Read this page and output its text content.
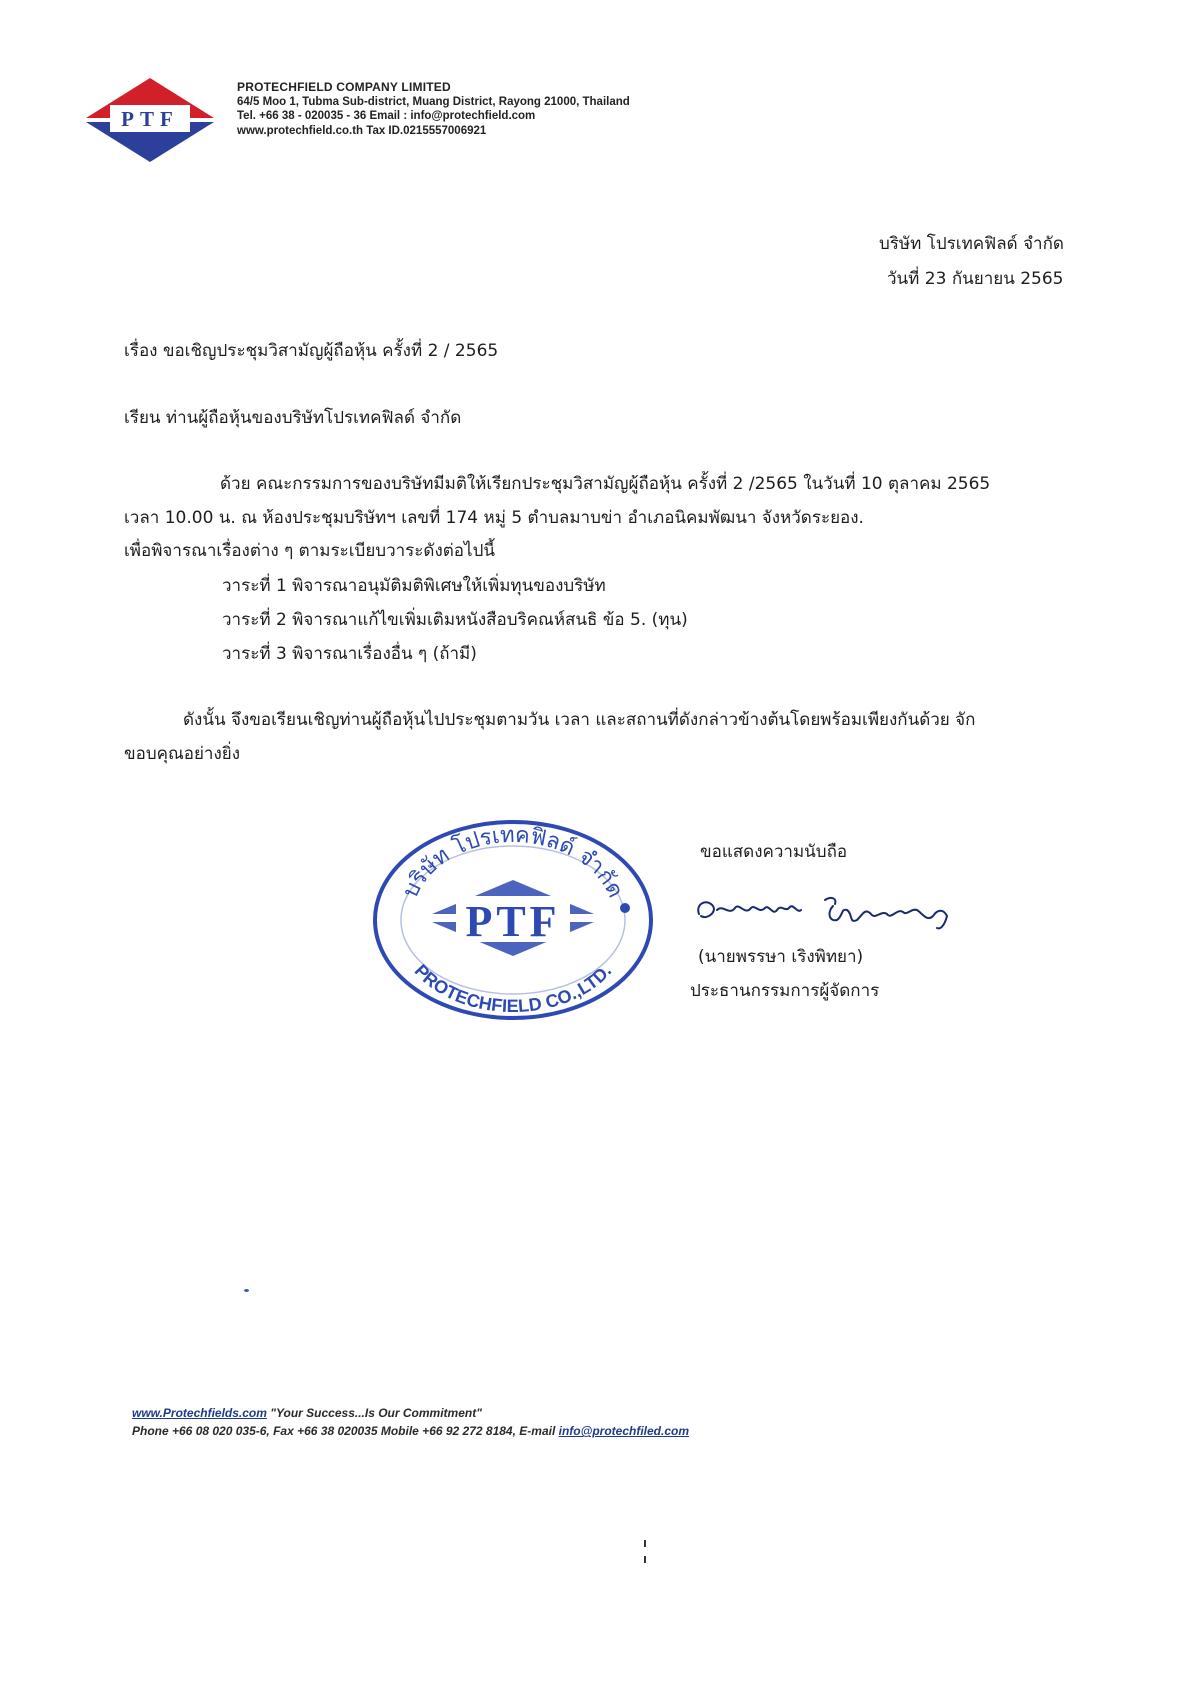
PTF
PROTECHFIELD COMPANY LIMITED
64/5 Moo 1, Tubma Sub-district, Muang District, Rayong 21000, Thailand
Tel. +66 38 - 020035 - 36 Email : info@protechfield.com
www.protechfield.co.th Tax ID.0215557006921
บริษัท โปรเทคฟิลด์ จำกัด
วันที่ 23 กันยายน 2565
เรื่อง ขอเชิญประชุมวิสามัญผู้ถือหุ้น ครั้งที่ 2 / 2565
เรียน ท่านผู้ถือหุ้นของบริษัทโปรเทคฟิลด์ จำกัด
ด้วย คณะกรรมการของบริษัทมีมติให้เรียกประชุมวิสามัญผู้ถือหุ้น ครั้งที่ 2 /2565 ในวันที่ 10 ตุลาคม 2565
เวลา 10.00 น. ณ ห้องประชุมบริษัทฯ เลขที่ 174 หมู่ 5 ตำบลมาบข่า อำเภอนิคมพัฒนา จังหวัดระยอง.
เพื่อพิจารณาเรื่องต่าง ๆ ตามระเบียบวาระดังต่อไปนี้
วาระที่ 1 พิจารณาอนุมัติมติพิเศษให้เพิ่มทุนของบริษัท
วาระที่ 2 พิจารณาแก้ไขเพิ่มเติมหนังสือบริคณห์สนธิ ข้อ 5. (ทุน)
วาระที่ 3 พิจารณาเรื่องอื่น ๆ (ถ้ามี)
ดังนั้น จึงขอเรียนเชิญท่านผู้ถือหุ้นไปประชุมตามวัน เวลา และสถานที่ดังกล่าวข้างต้นโดยพร้อมเพียงกันด้วย จัก
ขอบคุณอย่างยิ่ง
ขอแสดงความนับถือ
บริษัท โปรเทคฟิลด์ จำกัด
PROTECHFIELD CO.,LTD.
PTF
(นายพรรษา เริงพิทยา)
ประธานกรรมการผู้จัดการ
www.Protechfields.com "Your Success...Is Our Commitment"
Phone +66 08 020 035-6, Fax +66 38 020035 Mobile +66 92 272 8184, E-mail info@protechfiled.com
